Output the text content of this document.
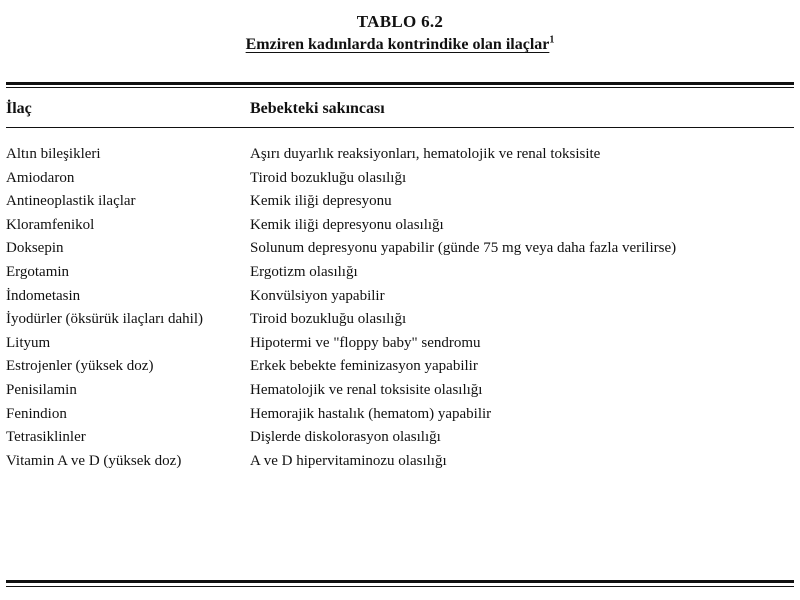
TABLO 6.2
Emziren kadınlarda kontrindike olan ilaçlar$^1$
İlaç	Bebekteki sakıncası
Altın bileşikleri	Aşırı duyarlık reaksiyonları, hematolojik ve renal toksisite
Amiodaron	Tiroid bozukluğu olasılığı
Antineoplastik ilaçlar	Kemik iliği depresyonu
Kloramfenikol	Kemik iliği depresyonu olasılığı
Doksepin	Solunum depresyonu yapabilir (günde 75 mg veya daha fazla verilirse)
Ergotamin	Ergotizm olasılığı
İndometasin	Konvülsiyon yapabilir
İyodürler (öksürük ilaçları dahil)	Tiroid bozukluğu olasılığı
Lityum	Hipotermi ve "floppy baby" sendromu
Estrojenler (yüksek doz)	Erkek bebekte feminizasyon yapabilir
Penisilamin	Hematolojik ve renal toksisite olasılığı
Fenindion	Hemorajik hastalık (hematom) yapabilir
Tetrasiklinler	Dişlerde diskolorasyon olasılığı
Vitamin A ve D (yüksek doz)	A ve D hipervitaminozu olasılığı
